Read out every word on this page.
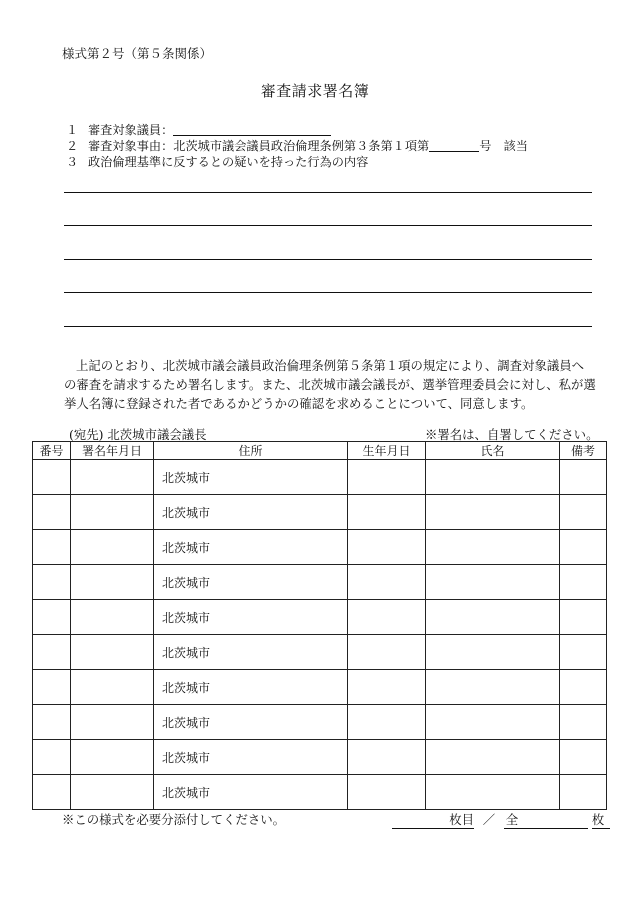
様式第２号（第５条関係）
審査請求署名簿
１ 審査対象議員：
２ 審査対象事由：北茨城市議会議員政治倫理条例第３条第１項第	号　該当
３ 政治倫理基準に反するとの疑いを持った行為の内容
上記のとおり、北茨城市議会議員政治倫理条例第５条第１項の規定により、調査対象議員への審査を請求するため署名します。また、北茨城市議会議長が、選挙管理委員会に対し、私が選挙人名簿に登録された者であるかどうかの確認を求めることについて、同意します。
(宛先) 北茨城市議会議長	※署名は、自署してください。
番号	署名年月日	住所	生年月日	氏名	備考
		北茨城市			
		北茨城市			
		北茨城市			
		北茨城市			
		北茨城市			
		北茨城市			
		北茨城市			
		北茨城市			
		北茨城市			
		北茨城市			
※この様式を必要分添付してください。	枚目 ／ 全	枚
